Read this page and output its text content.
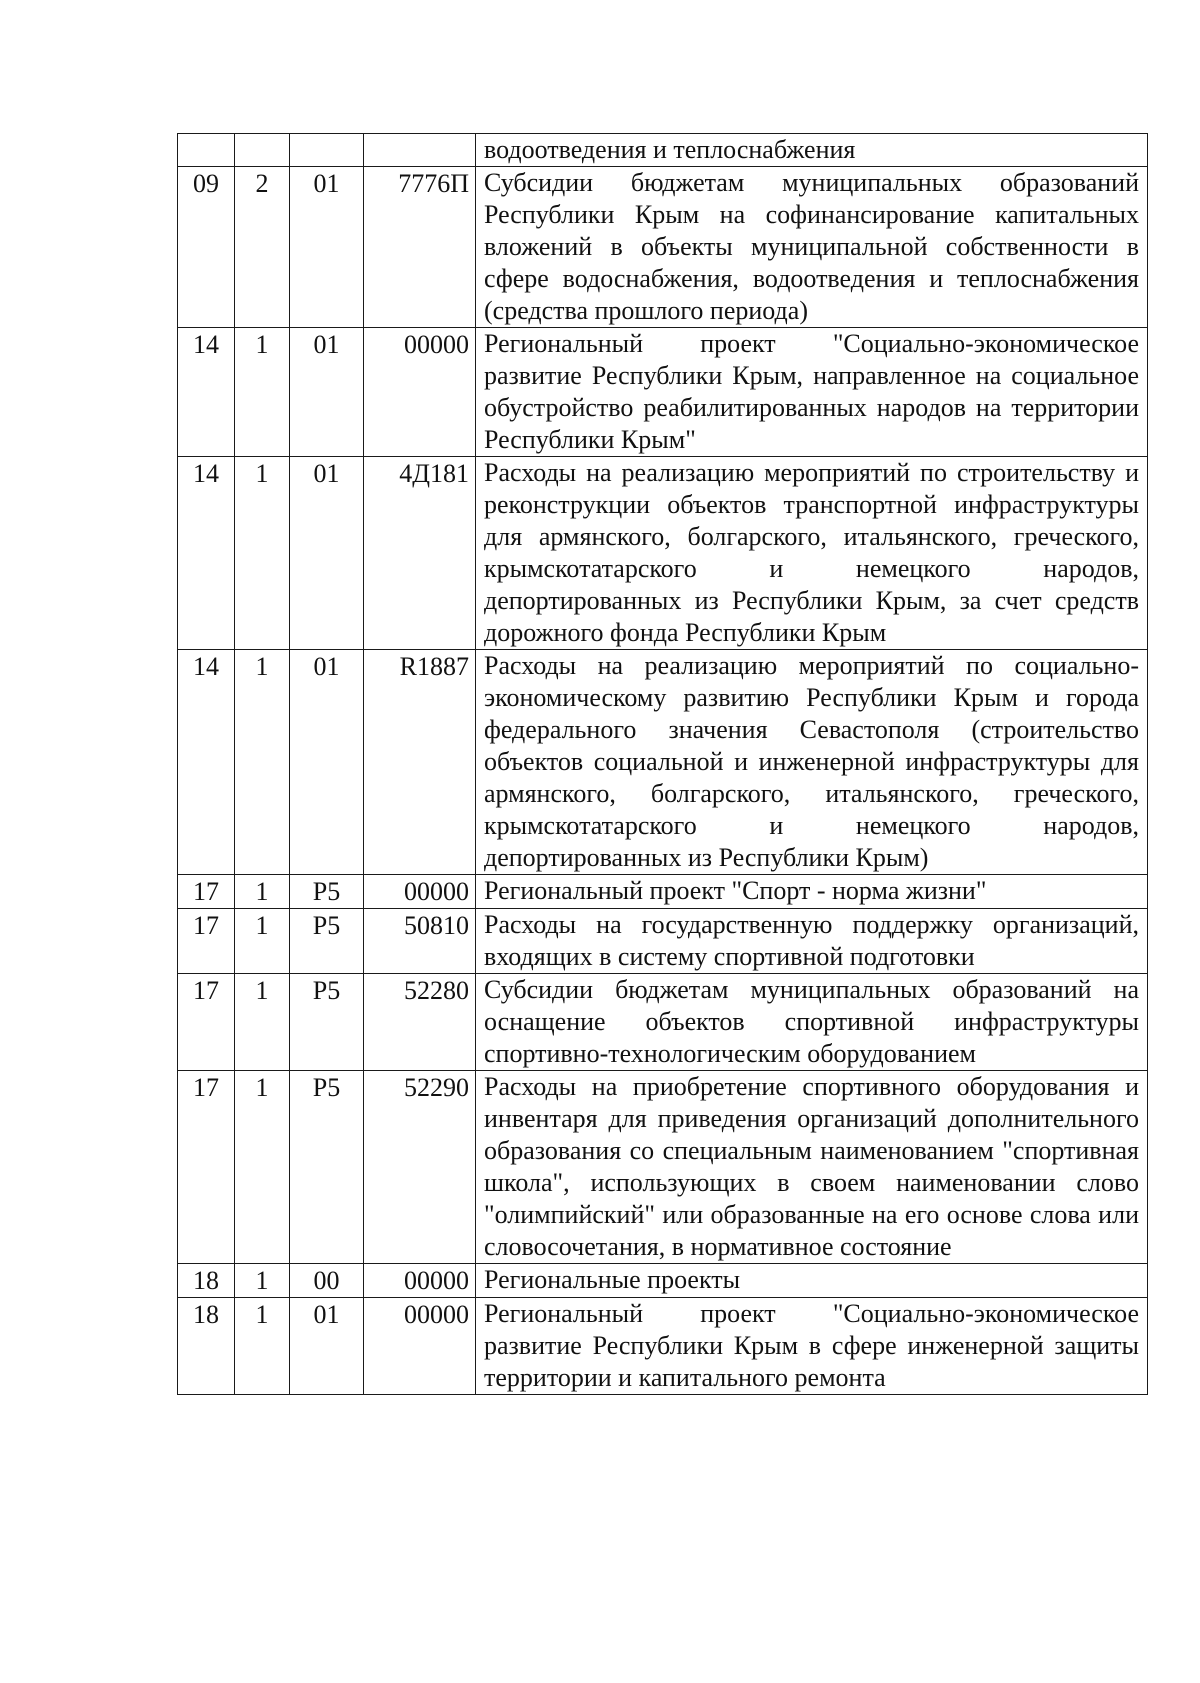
				водоотведения и теплоснабжения
09	2	01	7776П	Субсидии бюджетам муниципальных образований Республики Крым на софинансирование капитальных вложений в объекты муниципальной собственности в сфере водоснабжения, водоотведения и теплоснабжения (средства прошлого периода)
14	1	01	00000	Региональный проект "Социально-экономическое развитие Республики Крым, направленное на социальное обустройство реабилитированных народов на территории Республики Крым"
14	1	01	4Д181	Расходы на реализацию мероприятий по строительству и реконструкции объектов транспортной инфраструктуры для армянского, болгарского, итальянского, греческого, крымскотатарского и немецкого народов, депортированных из Республики Крым, за счет средств дорожного фонда Республики Крым
14	1	01	R1887	Расходы на реализацию мероприятий по социально-экономическому развитию Республики Крым и города федерального значения Севастополя (строительство объектов социальной и инженерной инфраструктуры для армянского, болгарского, итальянского, греческого, крымскотатарского и немецкого народов, депортированных из Республики Крым)
17	1	P5	00000	Региональный проект "Спорт - норма жизни"
17	1	P5	50810	Расходы на государственную поддержку организаций, входящих в систему спортивной подготовки
17	1	P5	52280	Субсидии бюджетам муниципальных образований на оснащение объектов спортивной инфраструктуры спортивно-технологическим оборудованием
17	1	P5	52290	Расходы на приобретение спортивного оборудования и инвентаря для приведения организаций дополнительного образования со специальным наименованием "спортивная школа", использующих в своем наименовании слово "олимпийский" или образованные на его основе слова или словосочетания, в нормативное состояние
18	1	00	00000	Региональные проекты
18	1	01	00000	Региональный проект "Социально-экономическое развитие Республики Крым в сфере инженерной защиты территории и капитального ремонта
